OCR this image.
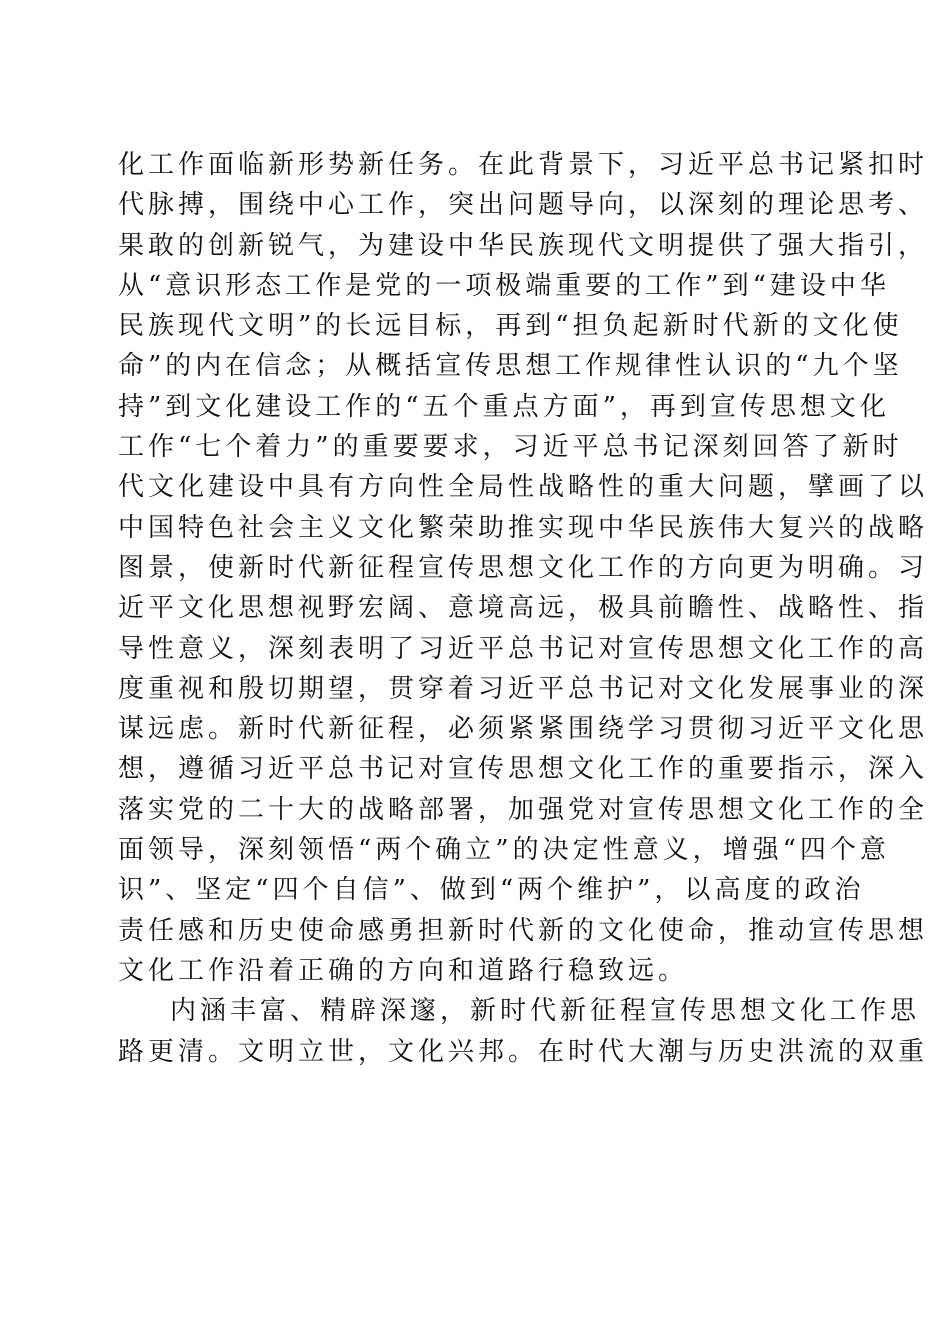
化工作面临新形势新任务。在此背景下，习近平总书记紧扣时
代脉搏，围绕中心工作，突出问题导向，以深刻的理论思考、
果敢的创新锐气，为建设中华民族现代文明提供了强大指引，
从“意识形态工作是党的一项极端重要的工作”到“建设中华
民族现代文明”的长远目标，再到“担负起新时代新的文化使
命”的内在信念；从概括宣传思想工作规律性认识的“九个坚
持”到文化建设工作的“五个重点方面”，再到宣传思想文化
工作“七个着力”的重要要求，习近平总书记深刻回答了新时
代文化建设中具有方向性全局性战略性的重大问题，擘画了以
中国特色社会主义文化繁荣助推实现中华民族伟大复兴的战略
图景，使新时代新征程宣传思想文化工作的方向更为明确。习
近平文化思想视野宏阔、意境高远，极具前瞻性、战略性、指
导性意义，深刻表明了习近平总书记对宣传思想文化工作的高
度重视和殷切期望，贯穿着习近平总书记对文化发展事业的深
谋远虑。新时代新征程，必须紧紧围绕学习贯彻习近平文化思
想，遵循习近平总书记对宣传思想文化工作的重要指示，深入
落实党的二十大的战略部署，加强党对宣传思想文化工作的全
面领导，深刻领悟“两个确立”的决定性意义，增强“四个意
识”、坚定“四个自信”、做到“两个维护”，以高度的政治
责任感和历史使命感勇担新时代新的文化使命，推动宣传思想
文化工作沿着正确的方向和道路行稳致远。
内涵丰富、精辟深邃，新时代新征程宣传思想文化工作思
路更清。文明立世，文化兴邦。在时代大潮与历史洪流的双重
